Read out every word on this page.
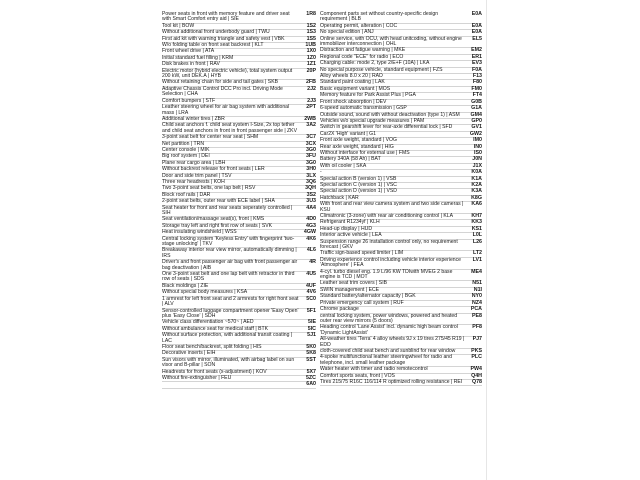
Power seats in front with memory feature and driver seat with Smart Comfort entry aid | SIE
1R8
Tool kit | BOW	1S2
Without additional front underbody guard | TWU	1S3
First aid kit with warning triangle and safety vest | VBK	1S5
W/o folding table on front seat backrest | KLT	1UB
Front wheel drive | ATA	1X0
Initial standard fuel filling | KRM	1Z0
Disk brakes in front | RAV	1Z1
Electric motor (hybrid electric vehicle), total system output 200 kW, unit DEK.A | HYB
20P
Without retaining chain for side and tail gates | SKB	2FB
Adaptive Chassis Control DCC Pro incl. Driving Mode Selection | CHA
2J2
Comfort bumpers | STF	2J3
Leather steering wheel for air bag system with additional mass | LRA
2PT
Additional winter tires | ZBR	2WB
Child seat anchors f. child seat system I-Size, 2x top tether and child seat anchors in front in front passenger side | ZKV
3A2
3-point seat belt for center rear seat | SHM	3C7
Net partition | TRN	3CX
Center console | MIK	3G0
Big roof system | DEI	3FU
Plane rear cargo area | LBH	3G0
Without backrest release for front seats | LER	3H0
Door and side trim panel | TSV	3LX
Three rear headrests | KOH	3Q6
Two 3-point seat belts, one lap belt | RSV	3QH
Block roof rails | DAR	3S2
2-point seat belts, outer rear with ECE label | SHA	3U3
Seat heater for front and rear seats seperately controlled | SIH
4A4
Seat ventilation/massage seat(s), front | KMS	4D0
Storage tray left and right first row of seats | SVK	4G3
Heat insulating windshield | WSS	4GW
Central locking system 'Keyless Entry' with fingerprint 'two-stage unlocking' | TKV
4K6
Breakaway interior rear view mirror, automatically dimming | IRS
4L6
Driver's and front passenger air bag with front passenger air bag deactivation | AIB
4R
One 3-point seat belt and one lap belt with retractor in third row of seats | SDS
4U5
Black moldings | ZIE	4UF
Without special body measures | KSA	4V6
1 armrest for left front seat and 2 armrests for right front seat | ALV
5C0
Sensor-controlled luggage compartment opener 'Easy Open' plus 'Easy Close' | SDH
5F1
Vehicle class differentiation ~570~ | AED	5IE
Without ambulance seat for medical staff | BTK	5IC
Without surface protection, with additional transit coating | LAC
5J1
Floor seat bench/backrest, split folding | HIS	5K0
Decorative inserts | EIH	5K8
Sun visors with mirror, illuminated, with airbag label on sun visor and B-pillar | SON
5ST
Headrests for front seats (x-adjustment) | KOV	5X7
Without fire-extinguisher | FEU	5ZC
6A0
Component parts set without country-specific design requirement | BLB
E0A
Operating permit, alteration | COC	E0A
No special edition | ANJ	E0A
Online service, with OCU, with head unitcoding, without engine immobilizer interconnection | OHL
EL5
Distraction and fatigue warning | MKE	EM2
Regional code "ECE" for radio | ECO	ER1
Charging cable: mode 2, type 2/E+F (10A) | LKA	EV3
No special purpose vehicle, standard equipment | FZS	F0A
Alloy wheels 8.0 x 20 | RAD	F13
Standard paint coating | LAK	F80
Basic equipment variant | MOS	FM0
Memory feature for Park Assist Plus | PGA	FT4
Front shock absorption | DEV	G0B
6-speed automatic transmission | GSP	G1A
Outside sound, sound with without deactivation (type 1) | ASM	GM4
Vehicles w/o special upgrade measures | PAM	GP0
Switch in gearshift lever for rear-axle differential lock | SFD	GV1
Car2X 'High' variant | G1	GW2
Front axle weight, standard | VOG	IM0
Rear axle weight, standard | HIG	IN0
Without interface for external use | FMS	IS0
Battery 340A (58 Ah) | BAT	J0N
With oil cooler | SKA	J1X
-	K0A
Special action B (version 1) | VSB	K1A
Special action C (version 1) | VSC	K2A
Special action D (version 1) | VSD	K3A
Hatchback | KAR	K8G
With front and rear view camera system and two side cameras | KSU
KA6
Climatronic (3-zone) with rear air conditioning control | KLA	KH7
Refrigerant R1234yf | KLH	KK3
Head-up display | HUD	KS1
Interior active vehicle | LEA	L0L
Suspension range 26 installation control only, no requirement forecast | GKV
L26
Traffic sign-based speed limiter | LIM	LT2
Driving experience control including vehicle interior experience 'Atmosphere' | FEA
LV1
4-cyl. turbo diesel eng. 1.9 L/96 KW TDIwith MVEG 2 base engine is TCD | MOT
ME4
Leather seat trim covers | SIB	N51
SWIN management | ECE	N1I
Standard battery/alternator capacity | BGK	NY0
Private emergency call system | RUF	NZ4
Chrome package	PCA
central locking system, power windows, powered and heated outer rear view mirrors (5 doors)
PE8
Heading control 'Lane Assist' incl. dynamic high beam control 'Dynamic LightAssist'
PF8
All-weather tires 'Terra' 4 alloy wheels 9J x 19 tires 275/45 R19 | EDD
PJ7
cloth-covered child seat bench and sunblind for rear window	PKS
4-spoke multifunctional leather steeringwheel for radio and telephone, incl. small leather package
PLC
Water heater with timer and radio remotecontrol	PW4
Comfort sports seats, front | VOS	Q4H
Tires 215/75 R16C 116/114 R optimized rolling resistance | REI	Q78
